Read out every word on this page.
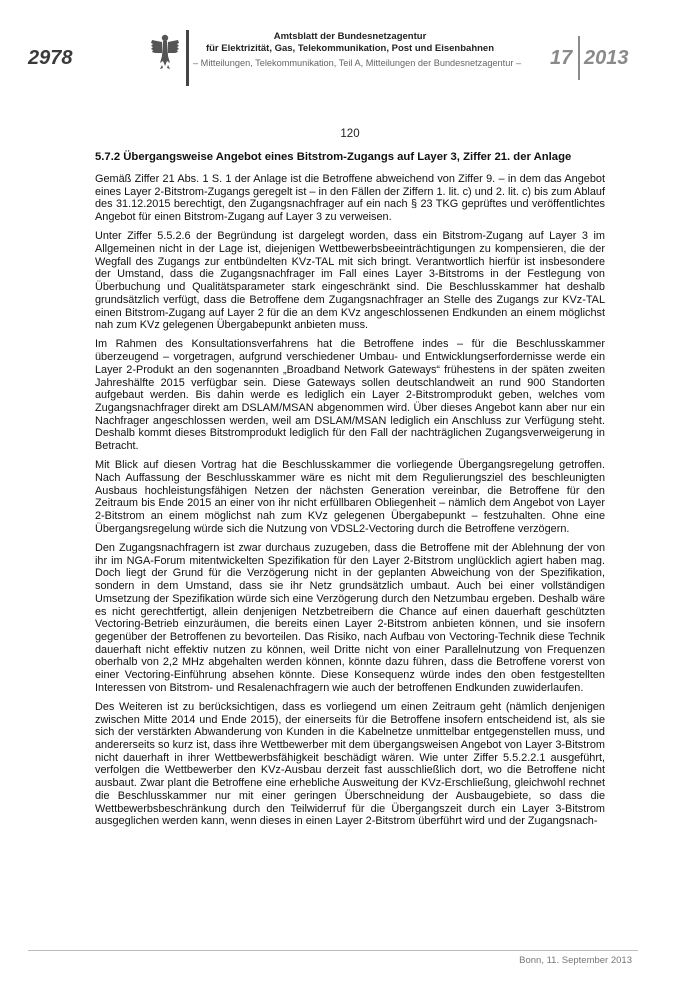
2978
Amtsblatt der Bundesnetzagentur
für Elektrizität, Gas, Telekommunikation, Post und Eisenbahnen
– Mitteilungen, Telekommunikation, Teil A, Mitteilungen der Bundesnetzagentur – 17 2013
120
5.7.2 Übergangsweise Angebot eines Bitstrom-Zugangs auf Layer 3, Ziffer 21. der Anlage

Gemäß Ziffer 21 Abs. 1 S. 1 der Anlage ist die Betroffene abweichend von Ziffer 9. – in dem das Angebot eines Layer 2-Bitstrom-Zugangs geregelt ist – in den Fällen der Ziffern 1. lit. c) und 2. lit. c) bis zum Ablauf des 31.12.2015 berechtigt, den Zugangsnachfrager auf ein nach § 23 TKG geprüftes und veröffentlichtes Angebot für einen Bitstrom-Zugang auf Layer 3 zu verweisen.

Unter Ziffer 5.5.2.6 der Begründung ist dargelegt worden, dass ein Bitstrom-Zugang auf Layer 3 im Allgemeinen nicht in der Lage ist, diejenigen Wettbewerbsbeeinträchtigungen zu kompensieren, die der Wegfall des Zugangs zur entbündelten KVz-TAL mit sich bringt. Verantwortlich hierfür ist insbesondere der Umstand, dass die Zugangsnachfrager im Fall eines Layer 3-Bitstroms in der Festlegung von Überbuchung und Qualitätsparameter stark eingeschränkt sind. Die Beschlusskammer hat deshalb grundsätzlich verfügt, dass die Betroffene dem Zugangsnachfrager an Stelle des Zugangs zur KVz-TAL einen Bitstrom-Zugang auf Layer 2 für die an dem KVz angeschlossenen Endkunden an einem möglichst nah zum KVz gelegenen Übergabepunkt anbieten muss.

Im Rahmen des Konsultationsverfahrens hat die Betroffene indes – für die Beschlusskammer überzeugend – vorgetragen, aufgrund verschiedener Umbau- und Entwicklungserfordernisse werde ein Layer 2-Produkt an den sogenannten „Broadband Network Gateways“ frühestens in der späten zweiten Jahreshälfte 2015 verfügbar sein. Diese Gateways sollen deutschlandweit an rund 900 Standorten aufgebaut werden. Bis dahin werde es lediglich ein Layer 2-Bitstromprodukt geben, welches vom Zugangsnachfrager direkt am DSLAM/MSAN abgenommen wird. Über dieses Angebot kann aber nur ein Nachfrager angeschlossen werden, weil am DSLAM/MSAN lediglich ein Anschluss zur Verfügung steht. Deshalb kommt dieses Bitstromprodukt lediglich für den Fall der nachträglichen Zugangsverweigerung in Betracht.

Mit Blick auf diesen Vortrag hat die Beschlusskammer die vorliegende Übergangsregelung getroffen. Nach Auffassung der Beschlusskammer wäre es nicht mit dem Regulierungsziel des beschleunigten Ausbaus hochleistungsfähigen Netzen der nächsten Generation vereinbar, die Betroffene für den Zeitraum bis Ende 2015 an einer von ihr nicht erfüllbaren Obliegenheit – nämlich dem Angebot von Layer 2-Bitstrom an einem möglichst nah zum KVz gelegenen Übergabepunkt – festzuhalten. Ohne eine Übergangsregelung würde sich die Nutzung von VDSL2-Vectoring durch die Betroffene verzögern.

Den Zugangsnachfragern ist zwar durchaus zuzugeben, dass die Betroffene mit der Ablehnung der von ihr im NGA-Forum mitentwickelten Spezifikation für den Layer 2-Bitstrom unglücklich agiert haben mag. Doch liegt der Grund für die Verzögerung nicht in der geplanten Abweichung von der Spezifikation, sondern in dem Umstand, dass sie ihr Netz grundsätzlich umbaut. Auch bei einer vollständigen Umsetzung der Spezifikation würde sich eine Verzögerung durch den Netzumbau ergeben. Deshalb wäre es nicht gerechtfertigt, allein denjenigen Netzbetreibern die Chance auf einen dauerhaft geschützten Vectoring-Betrieb einzuräumen, die bereits einen Layer 2-Bitstrom anbieten können, und sie insofern gegenüber der Betroffenen zu bevorteilen. Das Risiko, nach Aufbau von Vectoring-Technik diese Technik dauerhaft nicht effektiv nutzen zu können, weil Dritte nicht von einer Parallelnutzung von Frequenzen oberhalb von 2,2 MHz abgehalten werden können, könnte dazu führen, dass die Betroffene vorerst von einer Vectoring-Einführung absehen könnte. Diese Konsequenz würde indes den oben festgestellten Interessen von Bitstrom- und Resalenachfragern wie auch der betroffenen Endkunden zuwiderlaufen.

Des Weiteren ist zu berücksichtigen, dass es vorliegend um einen Zeitraum geht (nämlich denjenigen zwischen Mitte 2014 und Ende 2015), der einerseits für die Betroffene insofern entscheidend ist, als sie sich der verstärkten Abwanderung von Kunden in die Kabelnetze unmittelbar entgegenstellen muss, und andererseits so kurz ist, dass ihre Wettbewerber mit dem übergangsweisen Angebot von Layer 3-Bitstrom nicht dauerhaft in ihrer Wettbewerbsfähigkeit beschädigt wären. Wie unter Ziffer 5.5.2.2.1 ausgeführt, verfolgen die Wettbewerber den KVz-Ausbau derzeit fast ausschließlich dort, wo die Betroffene nicht ausbaut. Zwar plant die Betroffene eine erhebliche Ausweitung der KVz-Erschließung, gleichwohl rechnet die Beschlusskammer nur mit einer geringen Überschneidung der Ausbaugebiete, so dass die Wettbewerbsbeschränkung durch den Teilwiderruf für die Übergangszeit durch ein Layer 3-Bitstrom ausgeglichen werden kann, wenn dieses in einen Layer 2-Bitstrom überführt wird und der Zugangsnach-

Bonn, 11. September 2013
